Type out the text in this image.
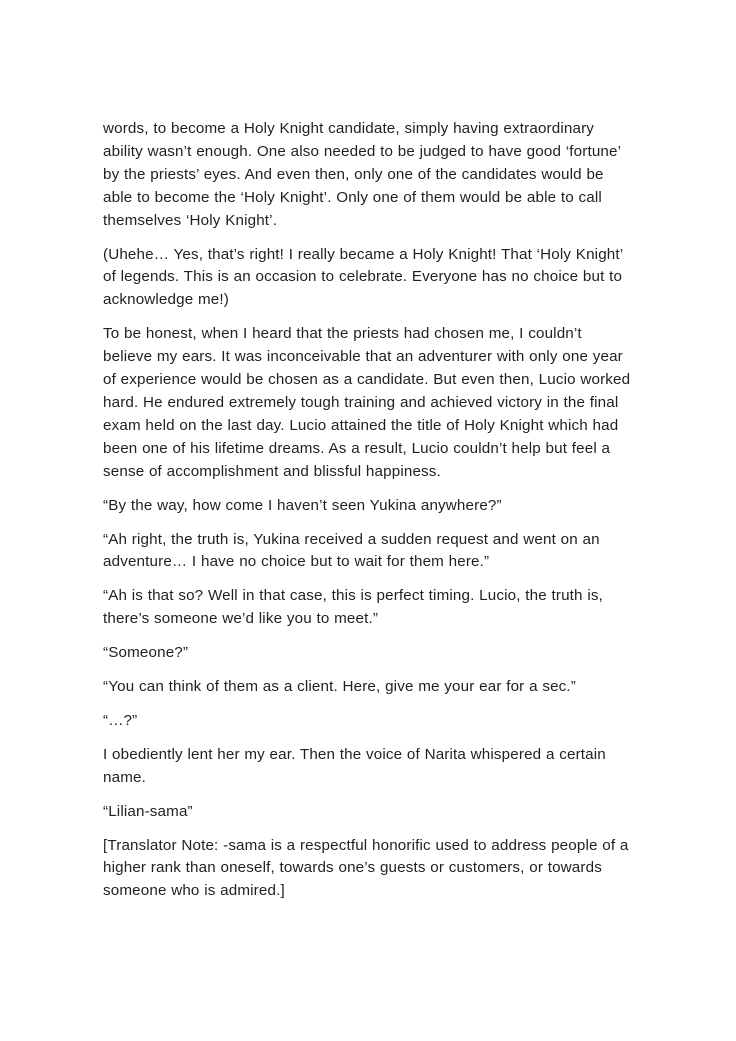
words, to become a Holy Knight candidate, simply having extraordinary ability wasn’t enough. One also needed to be judged to have good ‘fortune’ by the priests’ eyes. And even then, only one of the candidates would be able to become the ‘Holy Knight’. Only one of them would be able to call themselves ‘Holy Knight’.

(Uhehe… Yes, that’s right! I really became a Holy Knight! That ‘Holy Knight’ of legends. This is an occasion to celebrate. Everyone has no choice but to acknowledge me!)

To be honest, when I heard that the priests had chosen me, I couldn’t believe my ears. It was inconceivable that an adventurer with only one year of experience would be chosen as a candidate. But even then, Lucio worked hard. He endured extremely tough training and achieved victory in the final exam held on the last day. Lucio attained the title of Holy Knight which had been one of his lifetime dreams. As a result, Lucio couldn’t help but feel a sense of accomplishment and blissful happiness.

“By the way, how come I haven’t seen Yukina anywhere?”

“Ah right, the truth is, Yukina received a sudden request and went on an adventure… I have no choice but to wait for them here.”

“Ah is that so? Well in that case, this is perfect timing. Lucio, the truth is, there’s someone we’d like you to meet.”

“Someone?”

“You can think of them as a client. Here, give me your ear for a sec.”

“…?”

I obediently lent her my ear. Then the voice of Narita whispered a certain name.

“Lilian-sama”

[Translator Note: -sama is a respectful honorific used to address people of a higher rank than oneself, towards one’s guests or customers, or towards someone who is admired.]
